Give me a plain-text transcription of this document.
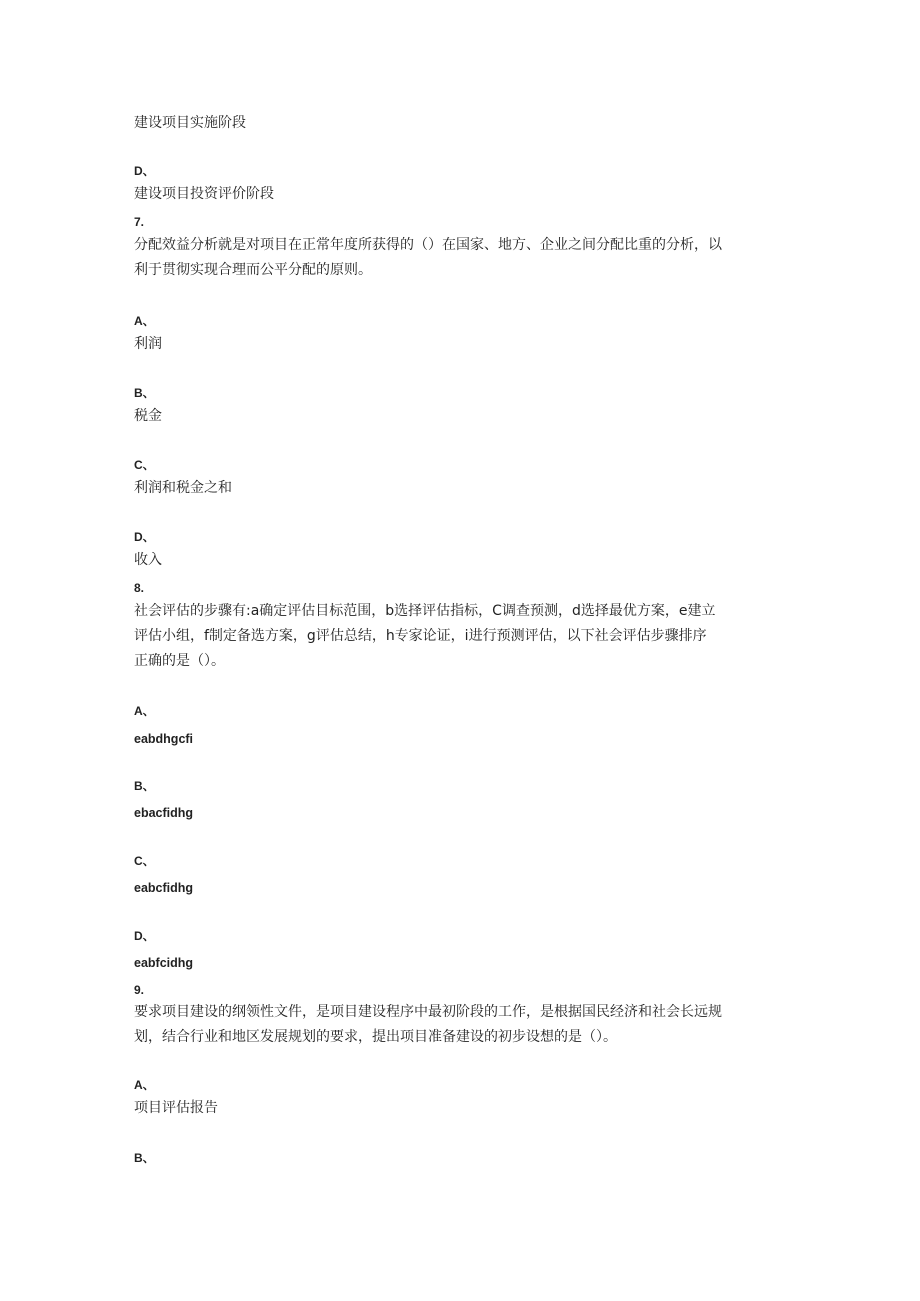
建设项目实施阶段

D、

建设项目投资评价阶段

7.

分配效益分析就是对项目在正常年度所获得的（）在国家、地方、企业之间分配比重的分析，以

利于贯彻实现合理而公平分配的原则。

A、

利润

B、

税金

C、

利润和税金之和

D、

收入

8.

社会评估的步骤有:a确定评估目标范围，b选择评估指标，C调查预测，d选择最优方案，e建立

评估小组，f制定备选方案，g评估总结，h专家论证，i进行预测评估，以下社会评估步骤排序

正确的是（）。

A、

eabdhgcfi

B、

ebacfidhg

C、

eabcfidhg

D、

eabfcidhg

9.

要求项目建设的纲领性文件，是项目建设程序中最初阶段的工作，是根据国民经济和社会长远规

划，结合行业和地区发展规划的要求，提出项目准备建设的初步设想的是（）。

A、

项目评估报告

B、
